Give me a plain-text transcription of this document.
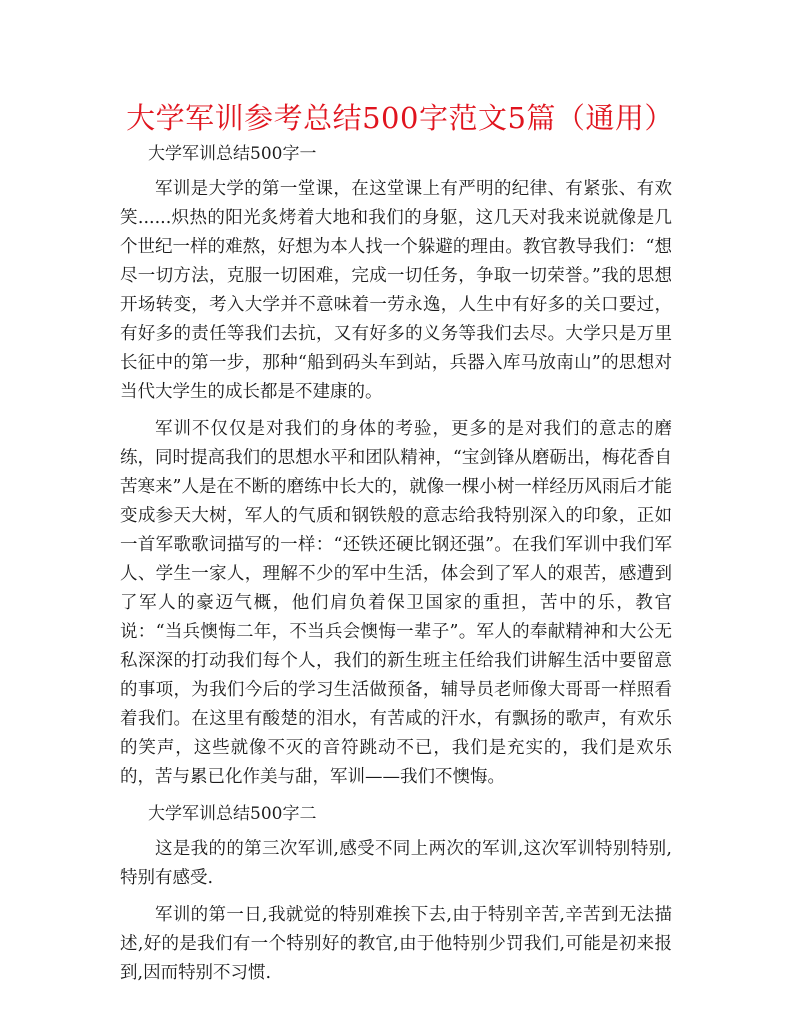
大学军训参考总结500字范文5篇（通用）
大学军训总结500字一

军训是大学的第一堂课，在这堂课上有严明的纪律、有紧张、有欢笑......炽热的阳光炙烤着大地和我们的身躯，这几天对我来说就像是几个世纪一样的难熬，好想为本人找一个躲避的理由。教官教导我们：“想尽一切方法，克服一切困难，完成一切任务，争取一切荣誉。”我的思想开场转变，考入大学并不意味着一劳永逸，人生中有好多的关口要过，有好多的责任等我们去抗，又有好多的义务等我们去尽。大学只是万里长征中的第一步，那种“船到码头车到站，兵器入库马放南山”的思想对当代大学生的成长都是不建康的。

军训不仅仅是对我们的身体的考验，更多的是对我们的意志的磨练，同时提高我们的思想水平和团队精神，“宝剑锋从磨砺出，梅花香自苦寒来”人是在不断的磨练中长大的，就像一棵小树一样经历风雨后才能变成参天大树，军人的气质和钢铁般的意志给我特别深入的印象，正如一首军歌歌词描写的一样：“还铁还硬比钢还强”。在我们军训中我们军人、学生一家人，理解不少的军中生活，体会到了军人的艰苦，感遭到了军人的豪迈气概，他们肩负着保卫国家的重担，苦中的乐，教官说：“当兵懊悔二年，不当兵会懊悔一辈子”。军人的奉献精神和大公无私深深的打动我们每个人，我们的新生班主任给我们讲解生活中要留意的事项，为我们今后的学习生活做预备，辅导员老师像大哥哥一样照看着我们。在这里有酸楚的泪水，有苦咸的汗水，有飘扬的歌声，有欢乐的笑声，这些就像不灭的音符跳动不已，我们是充实的，我们是欢乐的，苦与累已化作美与甜，军训——我们不懊悔。

大学军训总结500字二

这是我的的第三次军训,感受不同上两次的军训,这次军训特别特别,特别有感受.

军训的第一日,我就觉的特别难挨下去,由于特别辛苦,辛苦到无法描述,好的是我们有一个特别好的教官,由于他特别少罚我们,可能是初来报到,因而特别不习惯.
